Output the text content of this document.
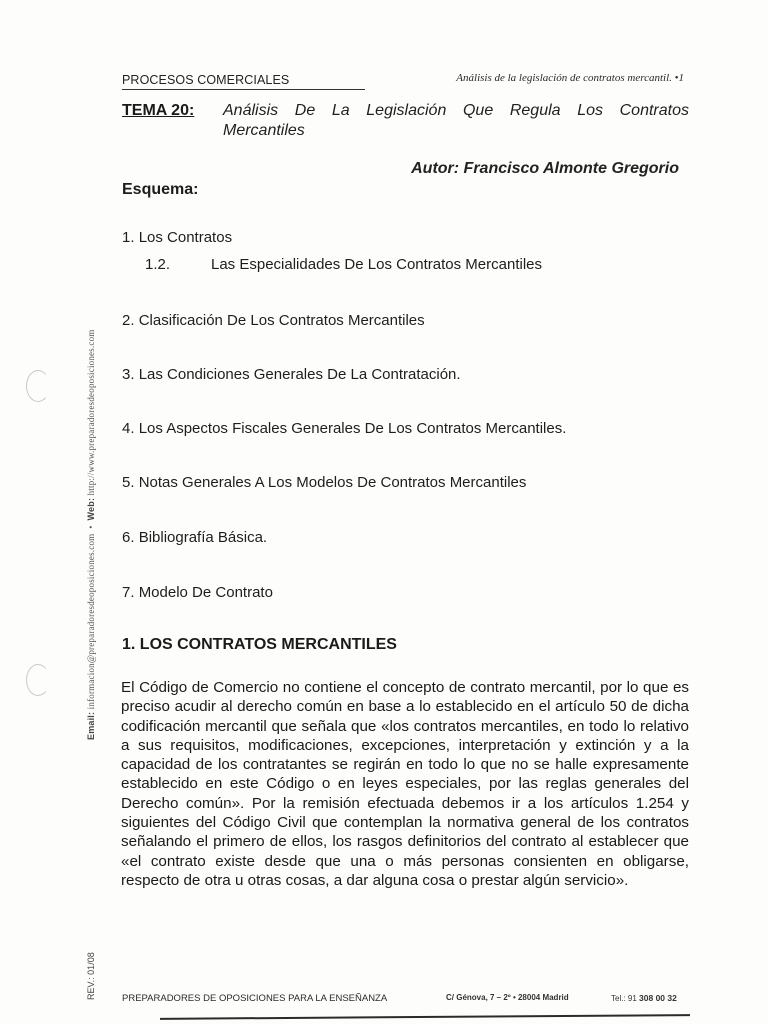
PROCESOS COMERCIALES	Análisis de la legislación de contratos mercantil. •1
TEMA 20: Análisis De La Legislación Que Regula Los Contratos Mercantiles
Autor: Francisco Almonte Gregorio
Esquema:
1. Los Contratos
1.2.	Las Especialidades De Los Contratos Mercantiles
2. Clasificación De Los Contratos Mercantiles
3. Las Condiciones Generales De La Contratación.
4. Los Aspectos Fiscales Generales De Los Contratos Mercantiles.
5. Notas Generales A Los Modelos De Contratos Mercantiles
6. Bibliografía Básica.
7. Modelo De Contrato
1. LOS CONTRATOS MERCANTILES
El Código de Comercio no contiene el concepto de contrato mercantil, por lo que es preciso acudir al derecho común en base a lo establecido en el artículo 50 de dicha codificación mercantil que señala que «los contratos mercantiles, en todo lo relativo a sus requisitos, modificaciones, excepciones, interpretación y extinción y a la capacidad de los contratantes se regirán en todo lo que no se halle expresamente establecido en este Código o en leyes especiales, por las reglas generales del Derecho común». Por la remisión efectuada debemos ir a los artículos 1.254 y siguientes del Código Civil que contemplan la normativa general de los contratos señalando el primero de ellos, los rasgos definitorios del contrato al establecer que «el contrato existe desde que una o más personas consienten en obligarse, respecto de otra u otras cosas, a dar alguna cosa o prestar algún servicio».
Email: informacion@preparadoresdeoposiciones.com  •  Web: http://www.preparadoresdeoposiciones.com
REV.: 01/08	PREPARADORES DE OPOSICIONES PARA LA ENSEÑANZA	C/ Génova, 7 – 2º • 28004 Madrid	Tel.: 91 308 00 32
